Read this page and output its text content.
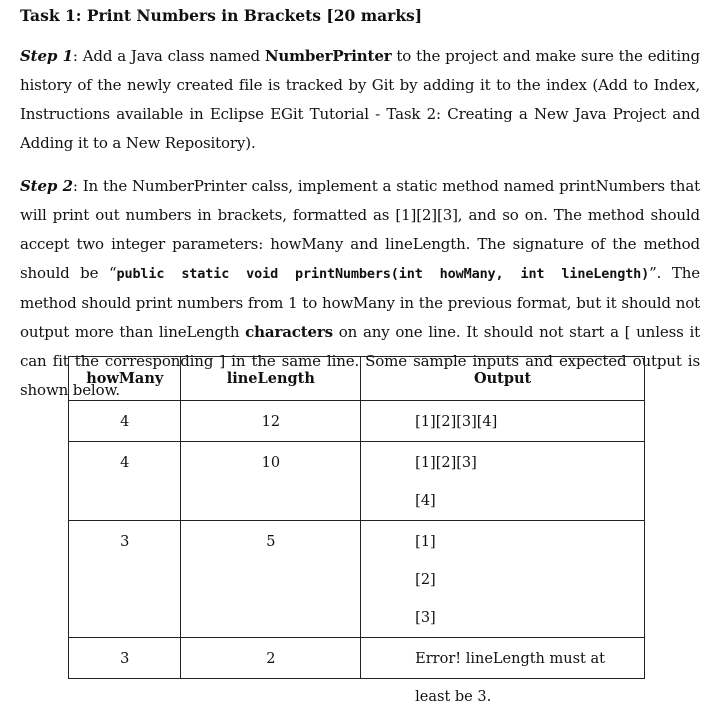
Task 1: Print Numbers in Brackets [20 marks]

Step 1: Add a Java class named NumberPrinter to the project and make sure the editing history of the newly created file is tracked by Git by adding it to the index (Add to Index, Instructions available in Eclipse EGit Tutorial - Task 2: Creating a New Java Project and Adding it to a New Repository).

Step 2: In the NumberPrinter calss, implement a static method named printNumbers that will print out numbers in brackets, formatted as [1][2][3], and so on. The method should accept two integer parameters: howMany and lineLength. The signature of the method should be “public static void printNumbers(int howMany, int lineLength)”. The method should print numbers from 1 to howMany in the previous format, but it should not output more than lineLength characters on any one line. It should not start a [ unless it can fit the corresponding ] in the same line. Some sample inputs and expected output is shown below.

howMany	lineLength	Output

4	12	[1][2][3][4]

4	10	[1][2][3]
[4]

3	5	[1]
[2]
[3]

3	2	Error! lineLength must at least be 3.
